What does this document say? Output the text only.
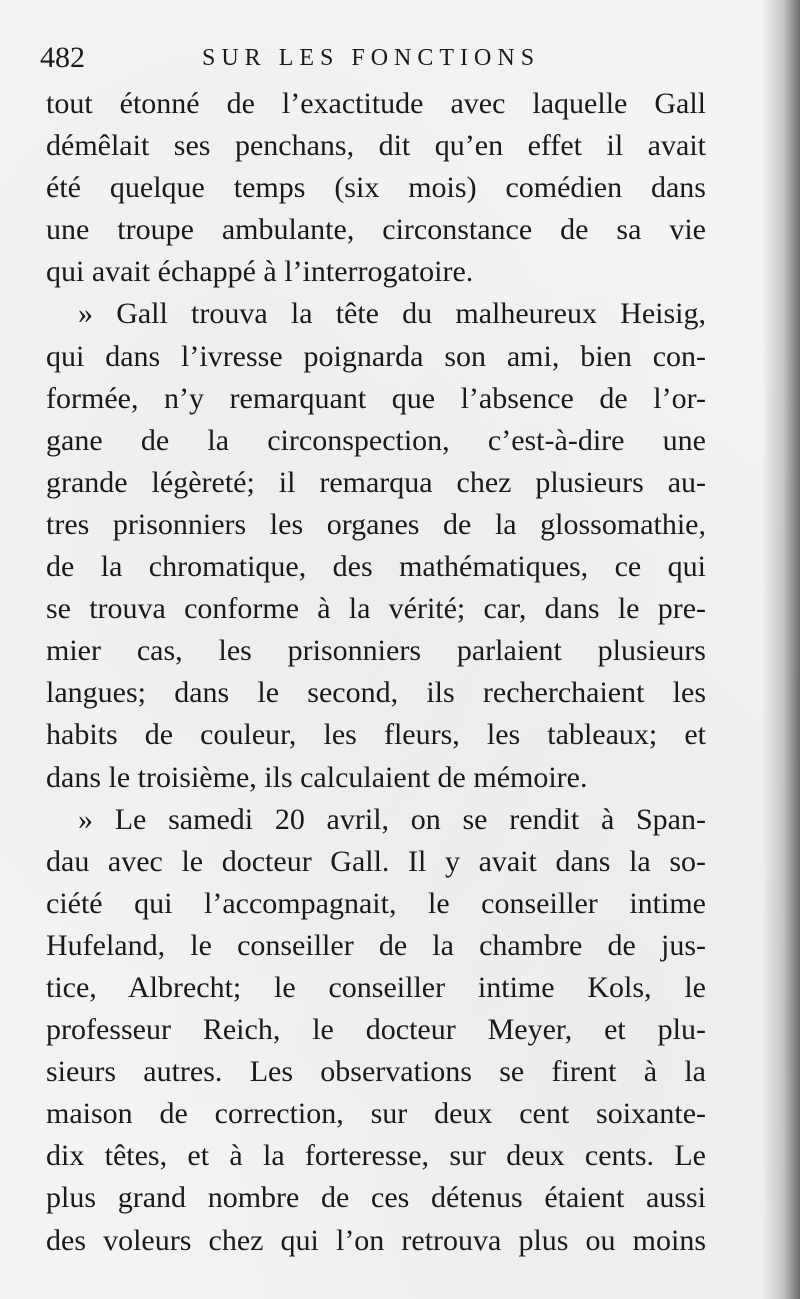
482	SUR LES FONCTIONS
tout étonné de l’exactitude avec laquelle Gall
démêlait ses penchans, dit qu’en effet il avait
été quelque temps (six mois) comédien dans
une troupe ambulante, circonstance de sa vie
qui avait échappé à l’interrogatoire.
» Gall trouva la tête du malheureux Heisig,
qui dans l’ivresse poignarda son ami, bien con-
formée, n’y remarquant que l’absence de l’or-
gane de la circonspection, c’est-à-dire une
grande légèreté; il remarqua chez plusieurs au-
tres prisonniers les organes de la glossomathie,
de la chromatique, des mathématiques, ce qui
se trouva conforme à la vérité; car, dans le pre-
mier cas, les prisonniers parlaient plusieurs
langues; dans le second, ils recherchaient les
habits de couleur, les fleurs, les tableaux; et
dans le troisième, ils calculaient de mémoire.
» Le samedi 20 avril, on se rendit à Span-
dau avec le docteur Gall. Il y avait dans la so-
ciété qui l’accompagnait, le conseiller intime
Hufeland, le conseiller de la chambre de jus-
tice, Albrecht; le conseiller intime Kols, le
professeur Reich, le docteur Meyer, et plu-
sieurs autres. Les observations se firent à la
maison de correction, sur deux cent soixante-
dix têtes, et à la forteresse, sur deux cents. Le
plus grand nombre de ces détenus étaient aussi
des voleurs chez qui l’on retrouva plus ou moins
